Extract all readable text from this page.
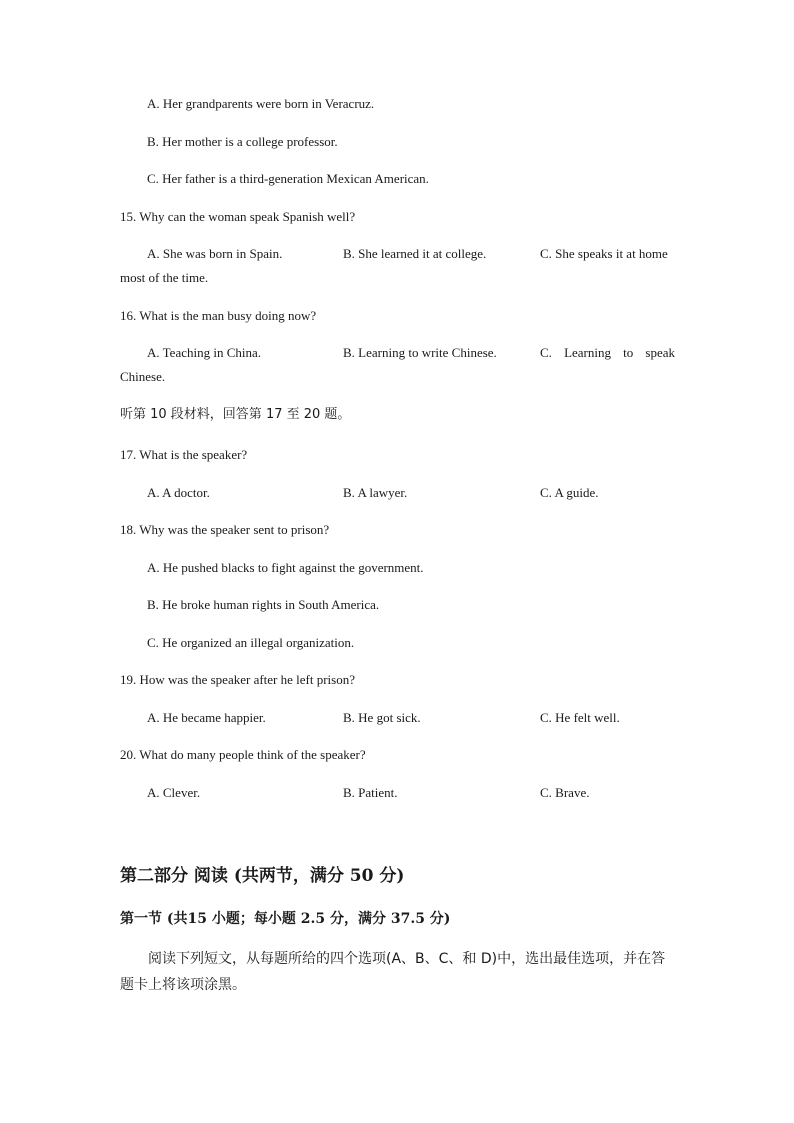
A. Her grandparents were born in Veracruz.
B. Her mother is a college professor.
C. Her father is a third-generation Mexican American.
15. Why can the woman speak Spanish well?
A. She was born in Spain.	B. She learned it at college.	C. She speaks it at home
most of the time.
16. What is the man busy doing now?
A. Teaching in China.	B. Learning to write Chinese.	C. Learning to speak
Chinese.
听第 10 段材料，回答第 17 至 20 题。
17. What is the speaker?
A. A doctor.	B. A lawyer.	C. A guide.
18. Why was the speaker sent to prison?
A. He pushed blacks to fight against the government.
B. He broke human rights in South America.
C. He organized an illegal organization.
19. How was the speaker after he left prison?
A. He became happier.	B. He got sick.	C. He felt well.
20. What do many people think of the speaker?
A. Clever.	B. Patient.	C. Brave.
第二部分 阅读 (共两节，满分 50 分)
第一节 (共15 小题；每小题 2.5 分，满分 37.5 分)
阅读下列短文，从每题所给的四个选项(A、B、C、和 D)中，选出最佳选项，并在答题卡上将该项涂黑。
